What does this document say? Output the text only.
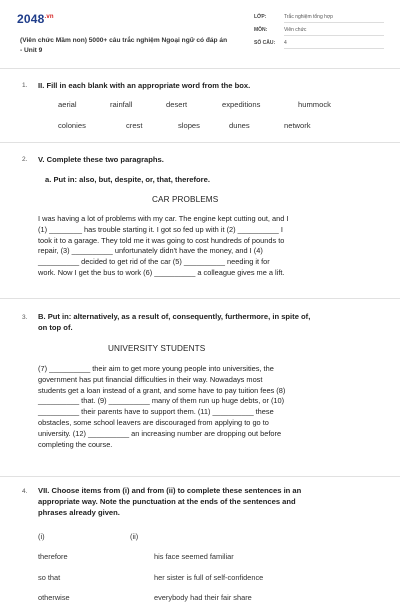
$2048^{.vn}$
(Viên chức Mầm non) 5000+ câu trắc nghiệm Ngoại ngữ có đáp án - Unit 9
LỚP:	Trắc nghiệm tổng hợp
MÔN:	Viên chức
SỐ CÂU: 4
1. II. Fill in each blank with an appropriate word from the box.
aerial	rainfall	desert	expeditions	hummock
colonies	crest	slopes	dunes	network
2. V. Complete these two paragraphs.
a. Put in: also, but, despite, or, that, therefore.
CAR PROBLEMS
I was having a lot of problems with my car. The engine kept cutting out, and I
(1) ________ has trouble starting it. I got so fed up with it (2) __________ I
took it to a garage. They told me it was going to cost hundreds of pounds to
repair, (3) __________ unfortunately didn't have the money, and I (4)
__________ decided to get rid of the car (5) __________ needing it for
work. Now I get the bus to work (6) __________ a colleague gives me a lift.
3. B. Put in: alternatively, as a result of, consequently, furthermore, in spite of,
on top of.
UNIVERSITY STUDENTS
(7) __________ their aim to get more young people into universities, the
government has put financial difficulties in their way. Nowadays most
students get a loan instead of a grant, and some have to pay tuition fees (8)
__________ that. (9) __________ many of them run up huge debts, or (10)
__________ their parents have to support them. (11) __________ these
obstacles, some school leavers are discouraged from applying to go to
university. (12) __________ an increasing number are dropping out before
completing the course.
4. VII. Choose items from (i) and from (ii) to complete these sentences in an
appropriate way. Note the punctuation at the ends of the sentences and
phrases already given.
(i)	(ii)
therefore	his face seemed familiar
so that	her sister is full of self-confidence
otherwise	everybody had their fair share
